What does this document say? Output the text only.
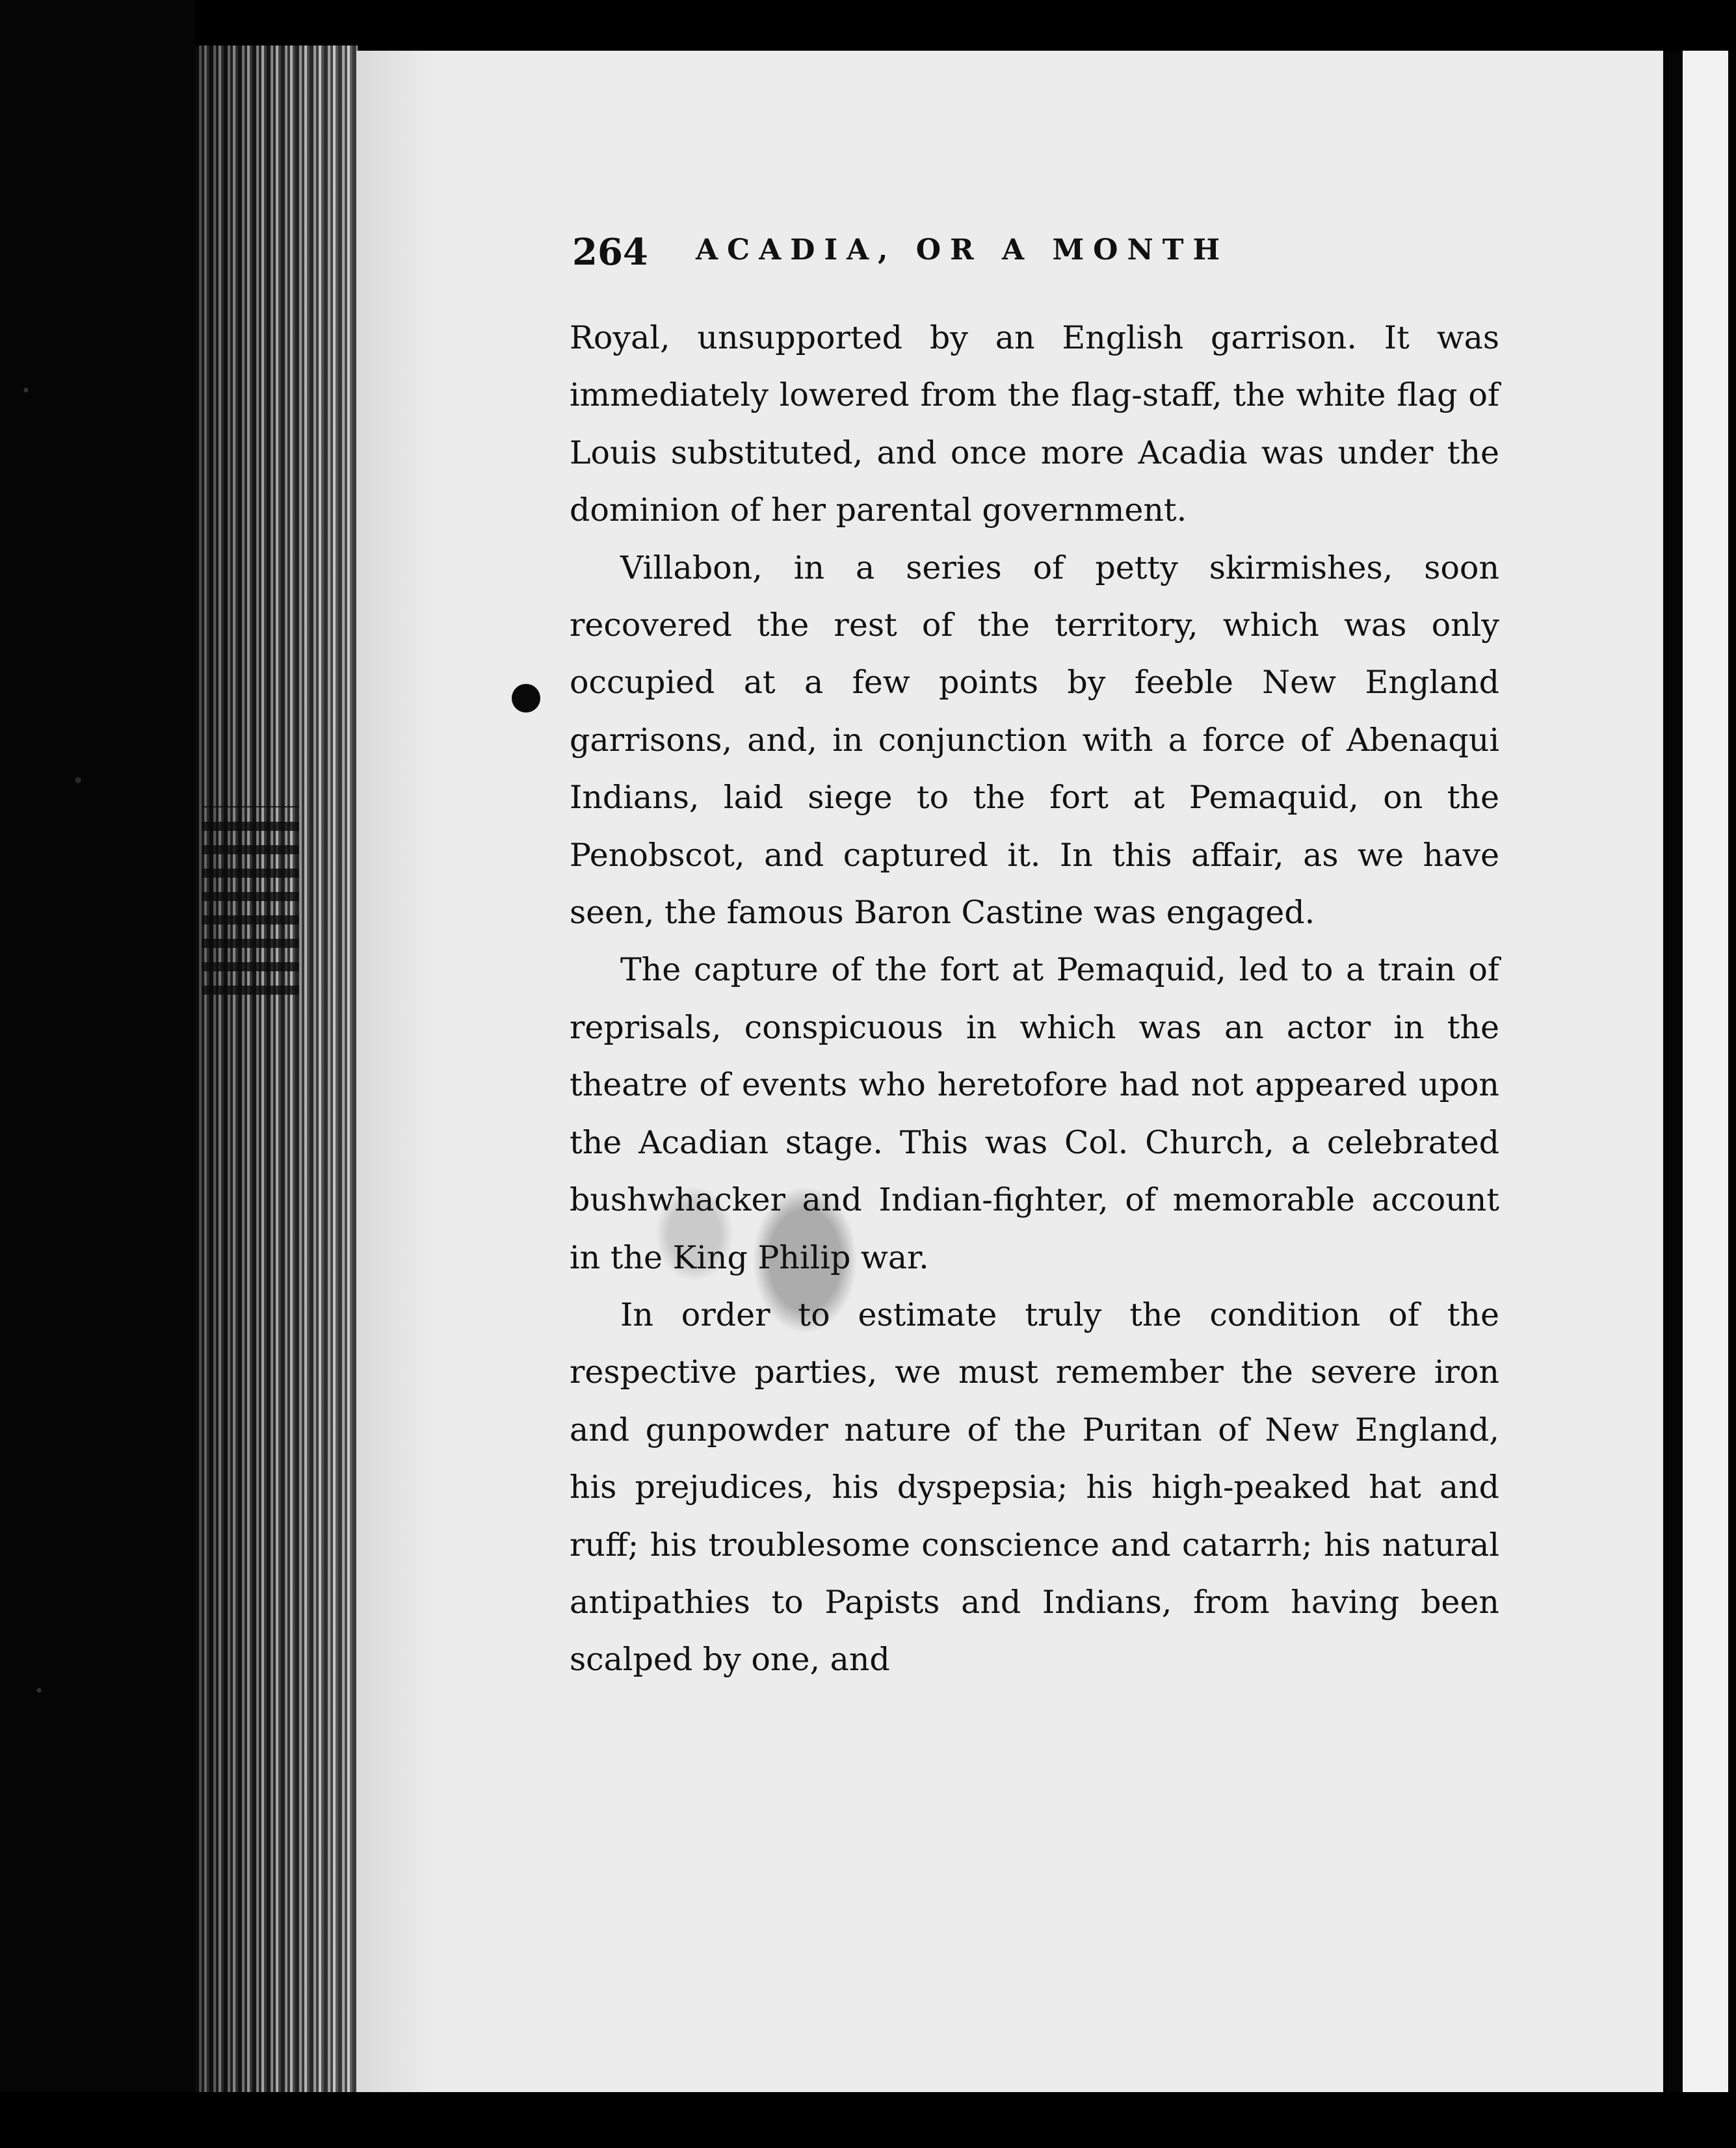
264 ACADIA, OR A MONTH

Royal, unsupported by an English garrison. It was immediately lowered from the flag-staff, the white flag of Louis substituted, and once more Acadia was under the dominion of her parental government.

Villabon, in a series of petty skirmishes, soon recovered the rest of the territory, which was only occupied at a few points by feeble New England garrisons, and, in conjunction with a force of Abenaqui Indians, laid siege to the fort at Pemaquid, on the Penobscot, and captured it. In this affair, as we have seen, the famous Baron Castine was engaged.

The capture of the fort at Pemaquid, led to a train of reprisals, conspicuous in which was an actor in the theatre of events who heretofore had not appeared upon the Acadian stage. This was Col. Church, a celebrated bushwhacker and Indian-fighter, of memorable account in the King Philip war.

In order to estimate truly the condition of the respective parties, we must remember the severe iron and gunpowder nature of the Puritan of New England, his prejudices, his dyspepsia; his high-peaked hat and ruff; his troublesome conscience and catarrh; his natural antipathies to Papists and Indians, from having been scalped by one, and
